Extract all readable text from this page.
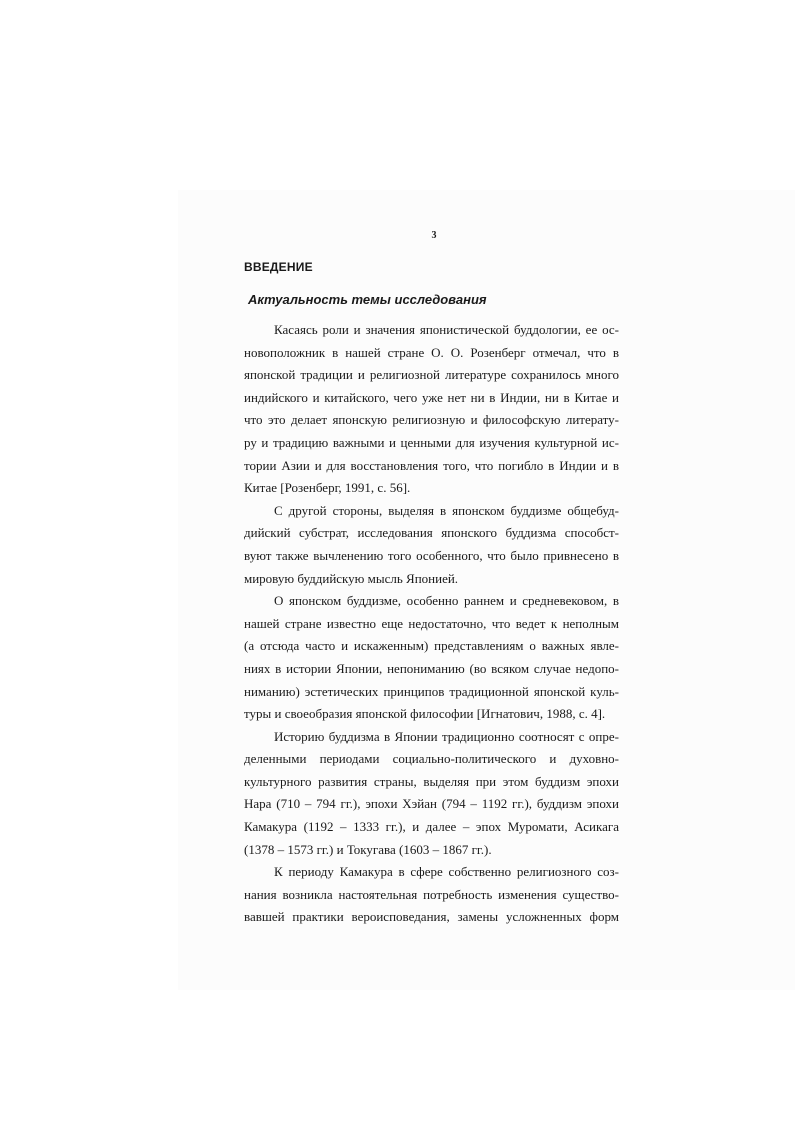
3
ВВЕДЕНИЕ
Актуальность темы исследования
Касаясь роли и значения японистической буддологии, ее ос-
новоположник в нашей стране О. О. Розенберг отмечал, что в
японской традиции и религиозной литературе сохранилось много
индийского и китайского, чего уже нет ни в Индии, ни в Китае и
что это делает японскую религиозную и философскую литерату-
ру и традицию важными и ценными для изучения культурной ис-
тории Азии и для восстановления того, что погибло в Индии и в
Китае [Розенберг, 1991, с. 56].
С другой стороны, выделяя в японском буддизме общебуд-
дийский субстрат, исследования японского буддизма способст-
вуют также вычленению того особенного, что было привнесено в
мировую буддийскую мысль Японией.
О японском буддизме, особенно раннем и средневековом, в
нашей стране известно еще недостаточно, что ведет к неполным
(а отсюда часто и искаженным) представлениям о важных явле-
ниях в истории Японии, непониманию (во всяком случае недопо-
ниманию) эстетических принципов традиционной японской куль-
туры и своеобразия японской философии [Игнатович, 1988, с. 4].
Историю буддизма в Японии традиционно соотносят с опре-
деленными периодами социально-политического и духовно-
культурного развития страны, выделяя при этом буддизм эпохи
Нара (710 – 794 гг.), эпохи Хэйан (794 – 1192 гг.), буддизм эпохи
Камакура (1192 – 1333 гг.), и далее – эпох Муромати, Асикага
(1378 – 1573 гг.) и Токугава (1603 – 1867 гг.).
К периоду Камакура в сфере собственно религиозного соз-
нания возникла настоятельная потребность изменения существо-
вавшей практики вероисповедания, замены усложненных форм
